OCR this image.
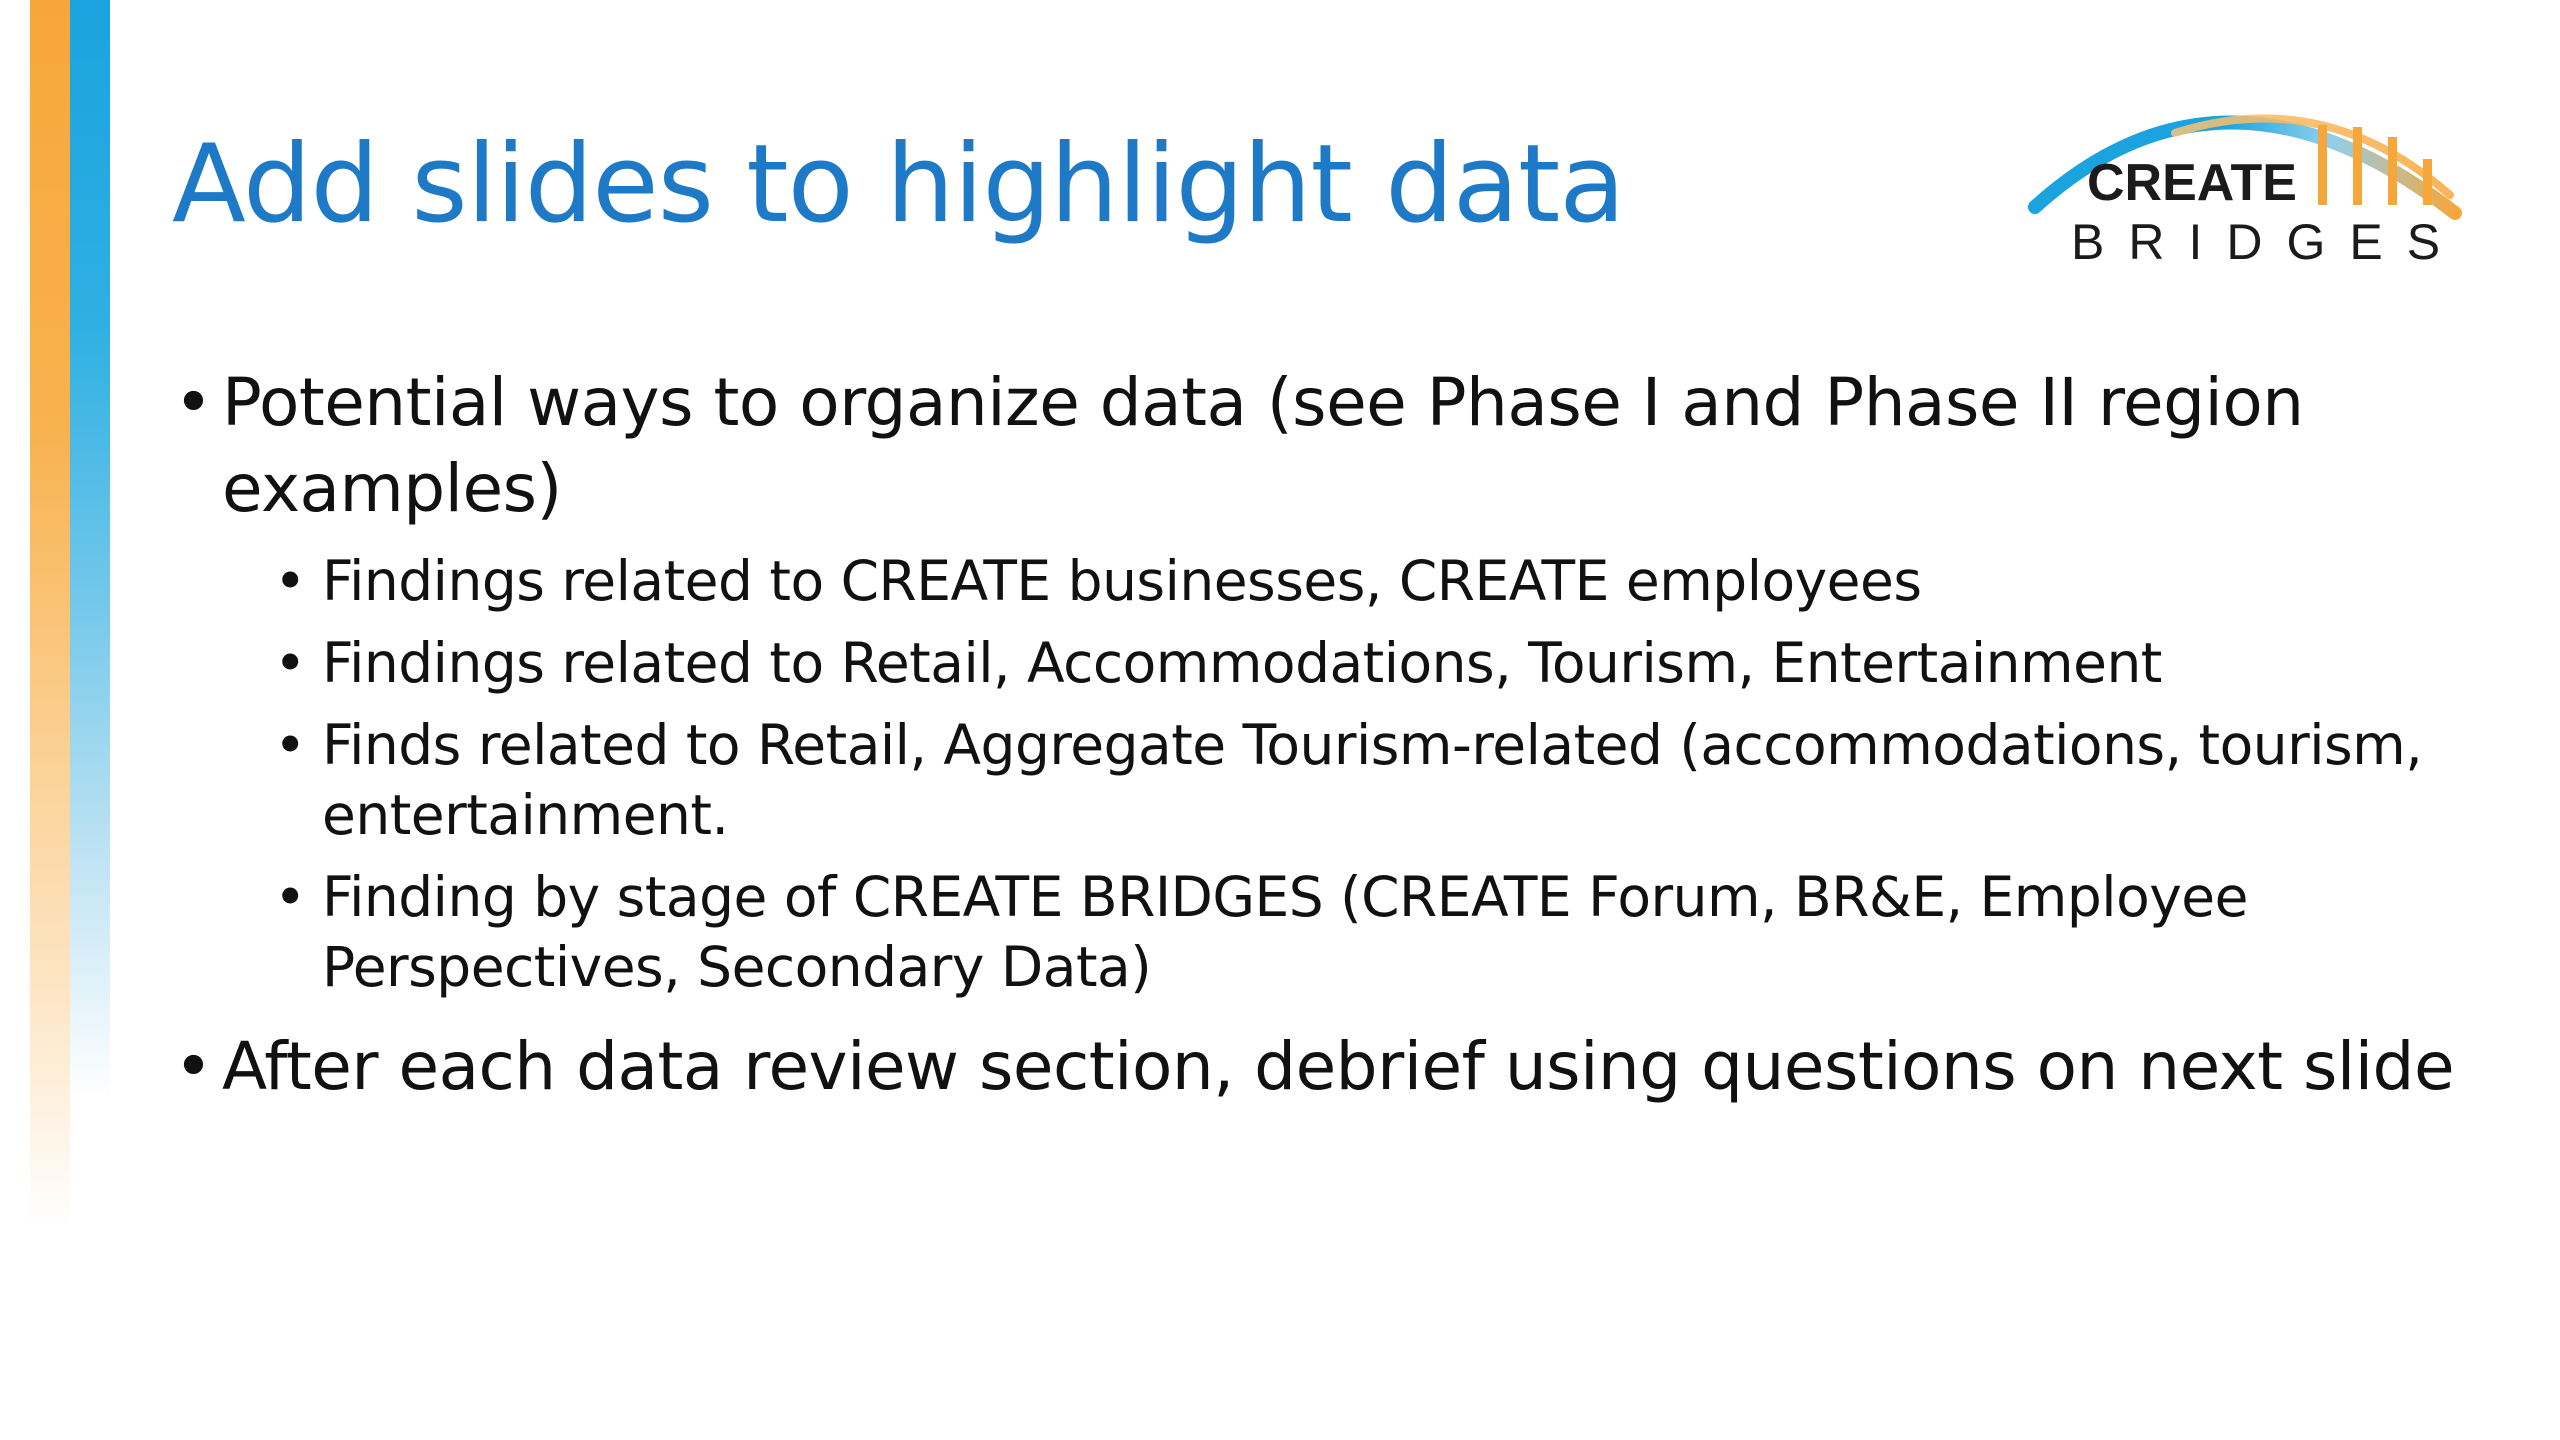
Add slides to highlight data	CREATE
BRIDGES
• Potential ways to organize data (see Phase I and Phase II region examples)
• Findings related to CREATE businesses, CREATE employees
• Findings related to Retail, Accommodations, Tourism, Entertainment
• Finds related to Retail, Aggregate Tourism-related (accommodations, tourism, entertainment.
• Finding by stage of CREATE BRIDGES (CREATE Forum, BR&E, Employee Perspectives, Secondary Data)
• After each data review section, debrief using questions on next slide
